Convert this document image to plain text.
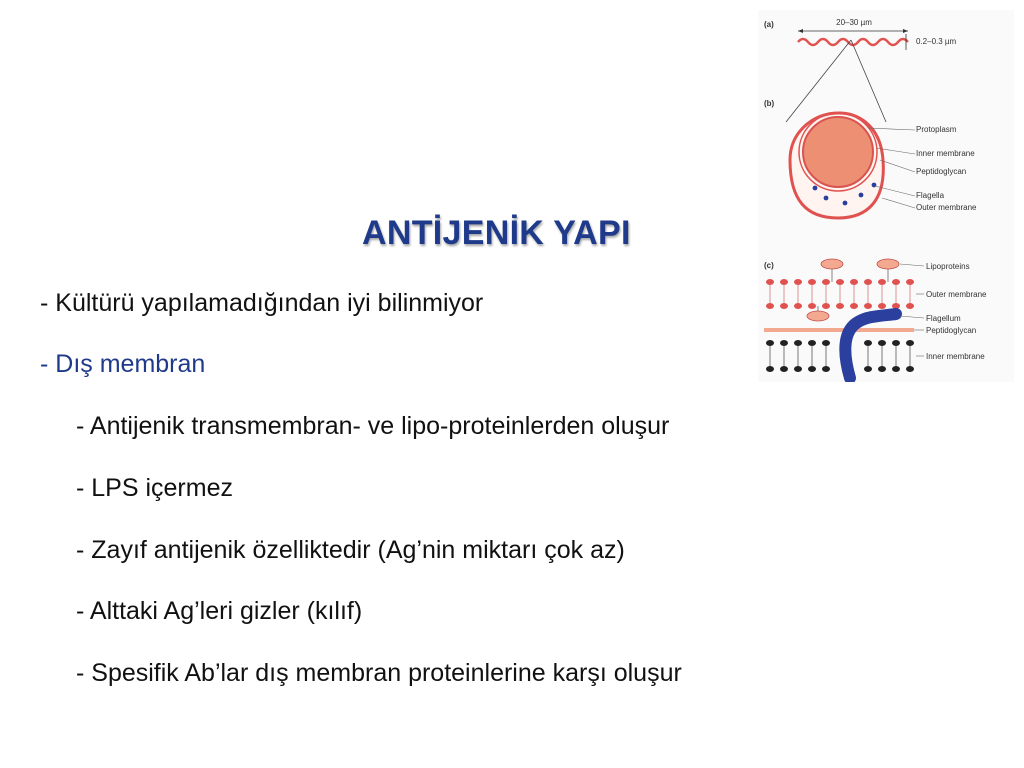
ANTİJENİK YAPI
- Kültürü yapılamadığından iyi bilinmiyor
- Dış membran
- Antijenik transmembran- ve lipo-proteinlerden oluşur
- LPS içermez
- Zayıf antijenik özelliktedir (Ag’nin miktarı çok az)
- Alttaki Ag’leri gizler (kılıf)
- Spesifik Ab’lar dış membran proteinlerine karşı oluşur
(a)	20–30 µm
0.2–0.3 µm
(b)
Protoplasm
Inner membrane
Peptidoglycan
Flagella
Outer membrane
(c)	Lipoproteins
Outer membrane
Flagellum
Peptidoglycan
Inner membrane
